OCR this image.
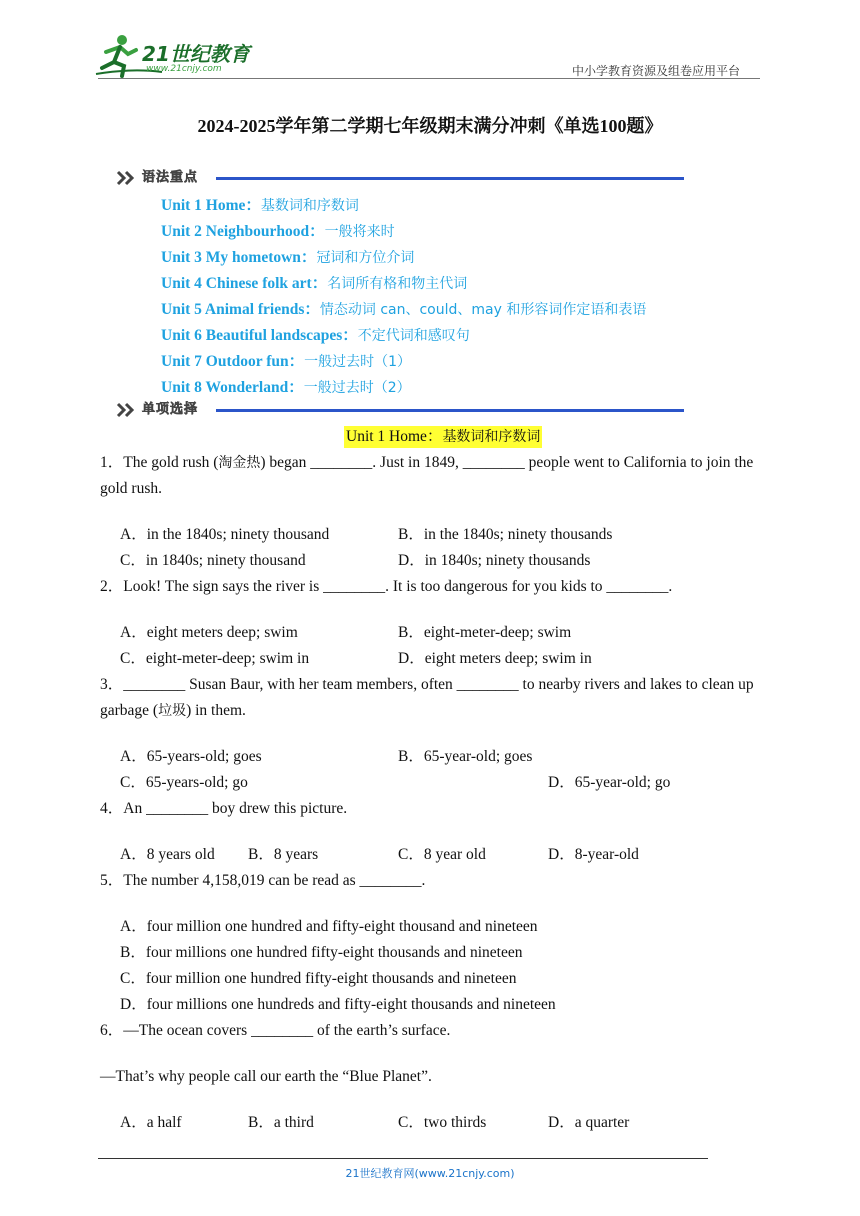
21世纪教育
www.21cnjy.com	中小学教育资源及组卷应用平台
2024-2025学年第二学期七年级期末满分冲刺《单选100题》
语法重点
Unit 1 Home：基数词和序数词
Unit 2 Neighbourhood：一般将来时
Unit 3 My hometown：冠词和方位介词
Unit 4 Chinese folk art：名词所有格和物主代词
Unit 5 Animal friends：情态动词 can、could、may 和形容词作定语和表语
Unit 6 Beautiful landscapes：不定代词和感叹句
Unit 7 Outdoor fun：一般过去时（1）
Unit 8 Wonderland：一般过去时（2）
单项选择
Unit 1 Home：基数词和序数词
1．The gold rush (淘金热) began ________. Just in 1849, ________ people went to California to join the gold rush.
A．in the 1840s; ninety thousand	B．in the 1840s; ninety thousands
C．in 1840s; ninety thousand	D．in 1840s; ninety thousands
2．Look! The sign says the river is ________. It is too dangerous for you kids to ________.
A．eight meters deep; swim	B．eight-meter-deep; swim
C．eight-meter-deep; swim in	D．eight meters deep; swim in
3．________ Susan Baur, with her team members, often ________ to nearby rivers and lakes to clean up garbage (垃圾) in them.
A．65-years-old; goes	B．65-year-old; goes
C．65-years-old; go	D．65-year-old; go
4．An ________ boy drew this picture.
A．8 years old B．8 years	C．8 year old	D．8-year-old
5．The number 4,158,019 can be read as ________.
A．four million one hundred and fifty-eight thousand and nineteen
B．four millions one hundred fifty-eight thousands and nineteen
C．four million one hundred fifty-eight thousands and nineteen
D．four millions one hundreds and fifty-eight thousands and nineteen
6．—The ocean covers ________ of the earth’s surface.
—That’s why people call our earth the “Blue Planet”.
A．a half	B．a third	C．two thirds	D．a quarter
21世纪教育网(www.21cnjy.com)
